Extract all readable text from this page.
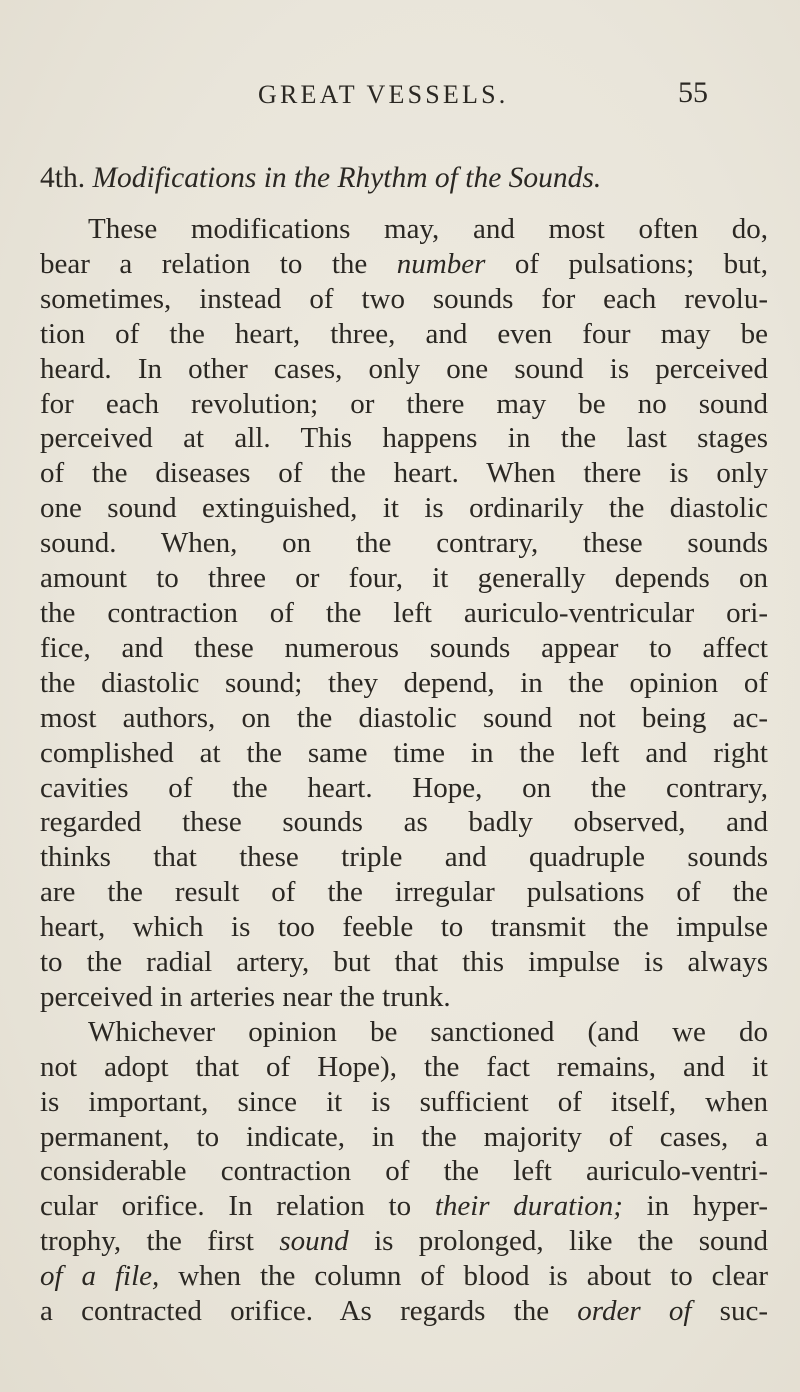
GREAT VESSELS.	55
4th. Modifications in the Rhythm of the Sounds.
These modifications may, and most often do,
bear a relation to the number of pulsations; but,
sometimes, instead of two sounds for each revolu-
tion of the heart, three, and even four may be
heard. In other cases, only one sound is perceived
for each revolution; or there may be no sound
perceived at all. This happens in the last stages
of the diseases of the heart. When there is only
one sound extinguished, it is ordinarily the diastolic
sound. When, on the contrary, these sounds
amount to three or four, it generally depends on
the contraction of the left auriculo-ventricular ori-
fice, and these numerous sounds appear to affect
the diastolic sound; they depend, in the opinion of
most authors, on the diastolic sound not being ac-
complished at the same time in the left and right
cavities of the heart. Hope, on the contrary,
regarded these sounds as badly observed, and
thinks that these triple and quadruple sounds
are the result of the irregular pulsations of the
heart, which is too feeble to transmit the impulse
to the radial artery, but that this impulse is always
perceived in arteries near the trunk.
Whichever opinion be sanctioned (and we do
not adopt that of Hope), the fact remains, and it
is important, since it is sufficient of itself, when
permanent, to indicate, in the majority of cases, a
considerable contraction of the left auriculo-ventri-
cular orifice. In relation to their duration; in hyper-
trophy, the first sound is prolonged, like the sound
of a file, when the column of blood is about to clear
a contracted orifice. As regards the order of suc-
